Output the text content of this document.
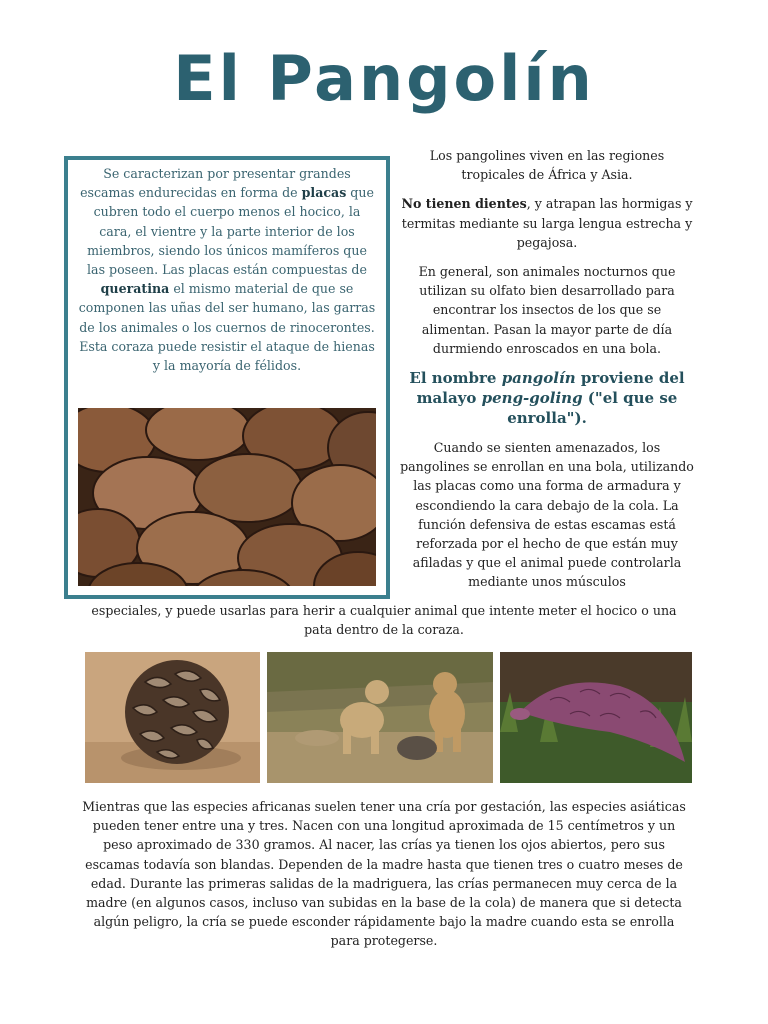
El Pangolín
Se caracterizan por presentar grandes escamas endurecidas en forma de placas que cubren todo el cuerpo menos el hocico, la cara, el vientre y la parte interior de los miembros, siendo los únicos mamíferos que las poseen. Las placas están compuestas de queratina el mismo material de que se componen las uñas del ser humano, las garras de los animales o los cuernos de rinocerontes. Esta coraza puede resistir el ataque de hienas y la mayoría de félidos.

Los pangolines viven en las regiones tropicales de África y Asia.

No tienen dientes, y atrapan las hormigas y termitas mediante su larga lengua estrecha y pegajosa.

En general, son animales nocturnos que utilizan su olfato bien desarrollado para encontrar los insectos de los que se alimentan. Pasan la mayor parte de día durmiendo enroscados en una bola.

El nombre pangolín proviene del malayo peng-goling ("el que se enrolla").

Cuando se sienten amenazados, los pangolines se enrollan en una bola, utilizando las placas como una forma de armadura y escondiendo la cara debajo de la cola. La función defensiva de estas escamas está reforzada por el hecho de que están muy afiladas y que el animal puede controlarla mediante unos músculos

especiales, y puede usarlas para herir a cualquier animal que intente meter el hocico o una pata dentro de la coraza.
Mientras que las especies africanas suelen tener una cría por gestación, las especies asiáticas pueden tener entre una y tres. Nacen con una longitud aproximada de 15 centímetros y un peso aproximado de 330 gramos. Al nacer, las crías ya tienen los ojos abiertos, pero sus escamas todavía son blandas. Dependen de la madre hasta que tienen tres o cuatro meses de edad. Durante las primeras salidas de la madriguera, las crías permanecen muy cerca de la madre (en algunos casos, incluso van subidas en la base de la cola) de manera que si detecta algún peligro, la cría se puede esconder rápidamente bajo la madre cuando esta se enrolla para protegerse.
